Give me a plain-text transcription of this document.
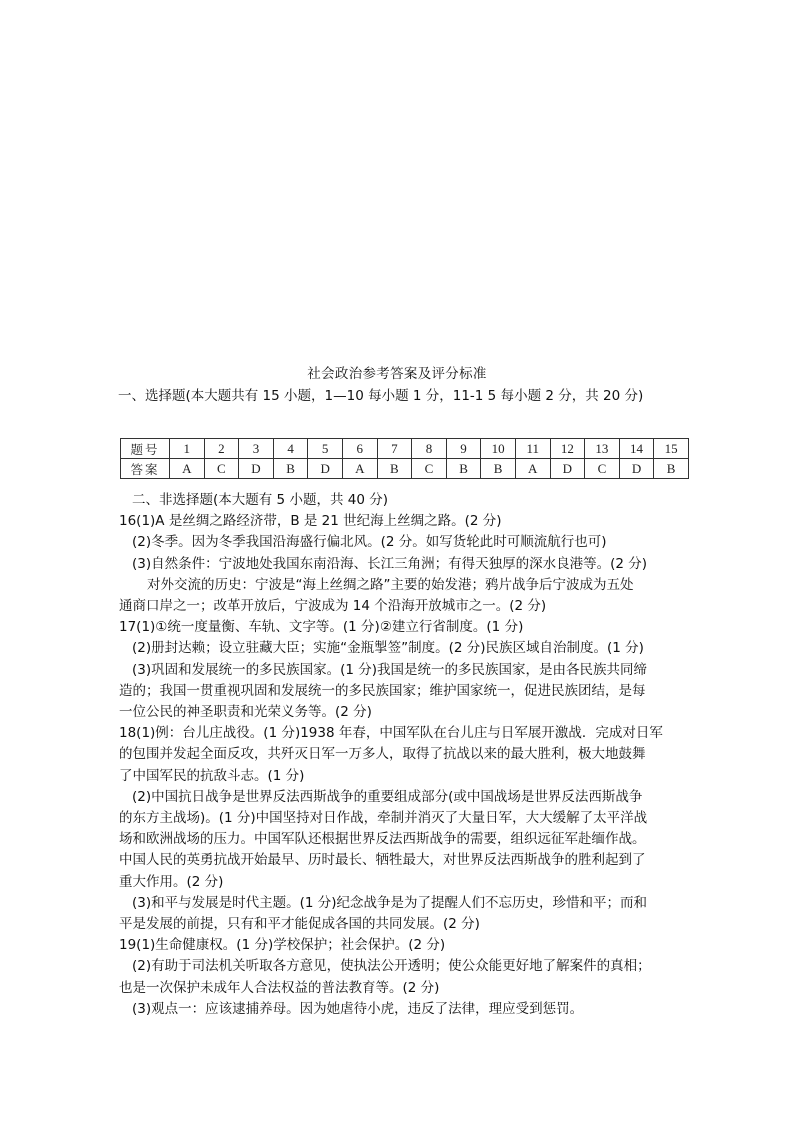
社会政治参考答案及评分标准
一、选择题(本大题共有 15 小题，1—10 每小题 1 分，11-1 5 每小题 2 分，共 20 分)
题号	1	2	3	4	5	6	7	8	9	10	11	12	13	14	15
答案	A	C	D	B	D	A	B	C	B	B	A	D	C	D	B

二、非选择题(本大题有 5 小题，共 40 分)

16(1)A 是丝绸之路经济带，B 是 21 世纪海上丝绸之路。(2 分)

(2)冬季。因为冬季我国沿海盛行偏北风。(2 分。如写货轮此时可顺流航行也可)

(3)自然条件：宁波地处我国东南沿海、长江三角洲；有得天独厚的深水良港等。(2 分)

对外交流的历史：宁波是“海上丝绸之路”主要的始发港；鸦片战争后宁波成为五处

通商口岸之一；改革开放后，宁波成为 14 个沿海开放城市之一。(2 分)

17(1)①统一度量衡、车轨、文字等。(1 分)②建立行省制度。(1 分)

(2)册封达赖；设立驻藏大臣；实施“金瓶掣签”制度。(2 分)民族区域自治制度。(1 分)

(3)巩固和发展统一的多民族国家。(1 分)我国是统一的多民族国家，是由各民族共同缔

造的；我国一贯重视巩固和发展统一的多民族国家；维护国家统一，促进民族团结，是每

一位公民的神圣职责和光荣义务等。(2 分)

18(1)例：台儿庄战役。(1 分)1938 年春，中国军队在台儿庄与日军展开激战．完成对日军

的包围并发起全面反攻，共歼灭日军一万多人，取得了抗战以来的最大胜利，极大地鼓舞

了中国军民的抗敌斗志。(1 分)

(2)中国抗日战争是世界反法西斯战争的重要组成部分(或中国战场是世界反法西斯战争

的东方主战场)。(1 分)中国坚持对日作战，牵制并消灭了大量日军，大大缓解了太平洋战

场和欧洲战场的压力。中国军队还根据世界反法西斯战争的需要，组织远征军赴缅作战。

中国人民的英勇抗战开始最早、历时最长、牺牲最大，对世界反法西斯战争的胜利起到了

重大作用。(2 分)

(3)和平与发展是时代主题。(1 分)纪念战争是为了提醒人们不忘历史，珍惜和平；而和

平是发展的前提，只有和平才能促成各国的共同发展。(2 分)

19(1)生命健康权。(1 分)学校保护；社会保护。(2 分)

(2)有助于司法机关听取各方意见，使执法公开透明；使公众能更好地了解案件的真相；

也是一次保护未成年人合法权益的普法教育等。(2 分)

(3)观点一：应该逮捕养母。因为她虐待小虎，违反了法律，理应受到惩罚。
